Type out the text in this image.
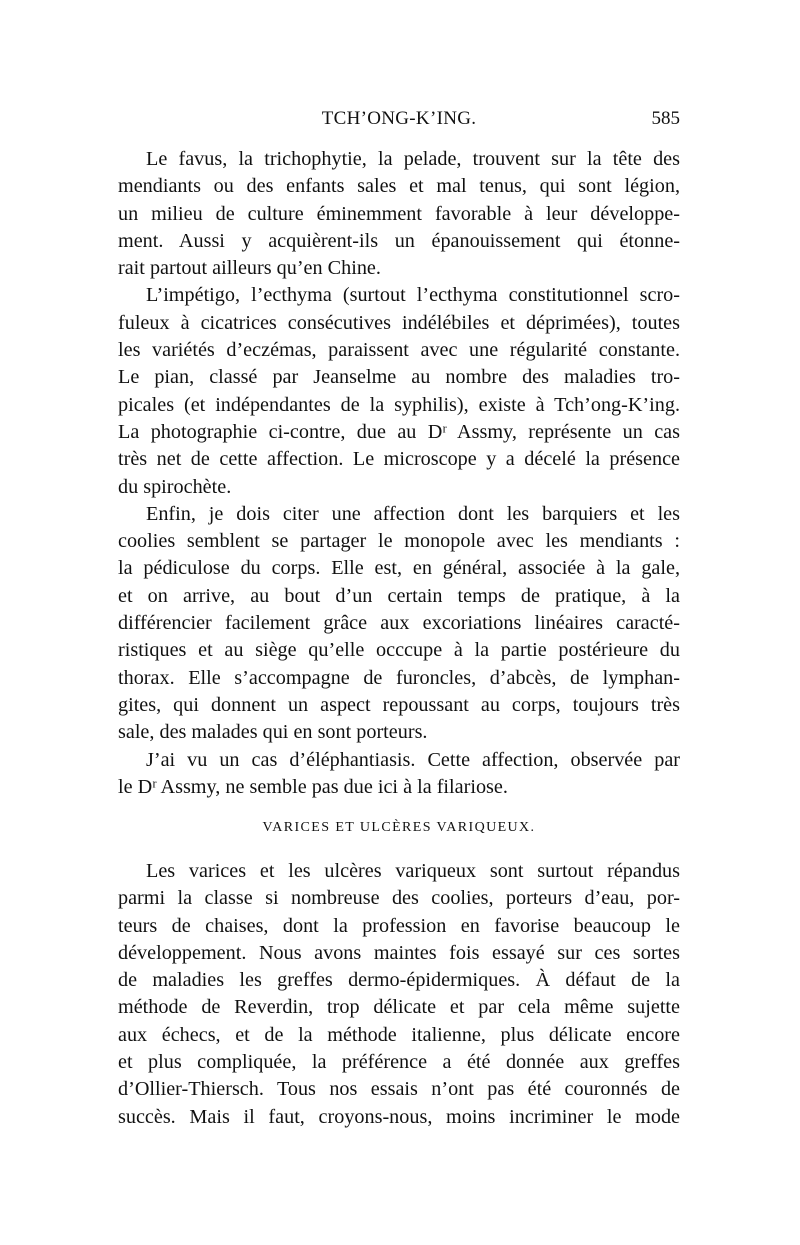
TCH’ONG-K’ING.	585
Le favus, la trichophytie, la pelade, trouvent sur la tête des
mendiants ou des enfants sales et mal tenus, qui sont légion,
un milieu de culture éminemment favorable à leur développe-
ment. Aussi y acquièrent-ils un épanouissement qui étonne-
rait partout ailleurs qu’en Chine.
L’impétigo, l’ecthyma (surtout l’ecthyma constitutionnel scro-
fuleux à cicatrices consécutives indélébiles et déprimées), toutes
les variétés d’eczémas, paraissent avec une régularité constante.
Le pian, classé par Jeanselme au nombre des maladies tro-
picales (et indépendantes de la syphilis), existe à Tch’ong-K’ing.
La photographie ci-contre, due au Dʳ Assmy, représente un cas
très net de cette affection. Le microscope y a décelé la présence
du spirochète.
Enfin, je dois citer une affection dont les barquiers et les
coolies semblent se partager le monopole avec les mendiants :
la pédiculose du corps. Elle est, en général, associée à la gale,
et on arrive, au bout d’un certain temps de pratique, à la
différencier facilement grâce aux excoriations linéaires caracté-
ristiques et au siège qu’elle occcupe à la partie postérieure du
thorax. Elle s’accompagne de furoncles, d’abcès, de lymphan-
gites, qui donnent un aspect repoussant au corps, toujours très
sale, des malades qui en sont porteurs.
J’ai vu un cas d’éléphantiasis. Cette affection, observée par
le Dʳ Assmy, ne semble pas due ici à la filariose.
VARICES ET ULCÈRES VARIQUEUX.
Les varices et les ulcères variqueux sont surtout répandus
parmi la classe si nombreuse des coolies, porteurs d’eau, por-
teurs de chaises, dont la profession en favorise beaucoup le
développement. Nous avons maintes fois essayé sur ces sortes
de maladies les greffes dermo-épidermiques. À défaut de la
méthode de Reverdin, trop délicate et par cela même sujette
aux échecs, et de la méthode italienne, plus délicate encore
et plus compliquée, la préférence a été donnée aux greffes
d’Ollier-Thiersch. Tous nos essais n’ont pas été couronnés de
succès. Mais il faut, croyons-nous, moins incriminer le mode
